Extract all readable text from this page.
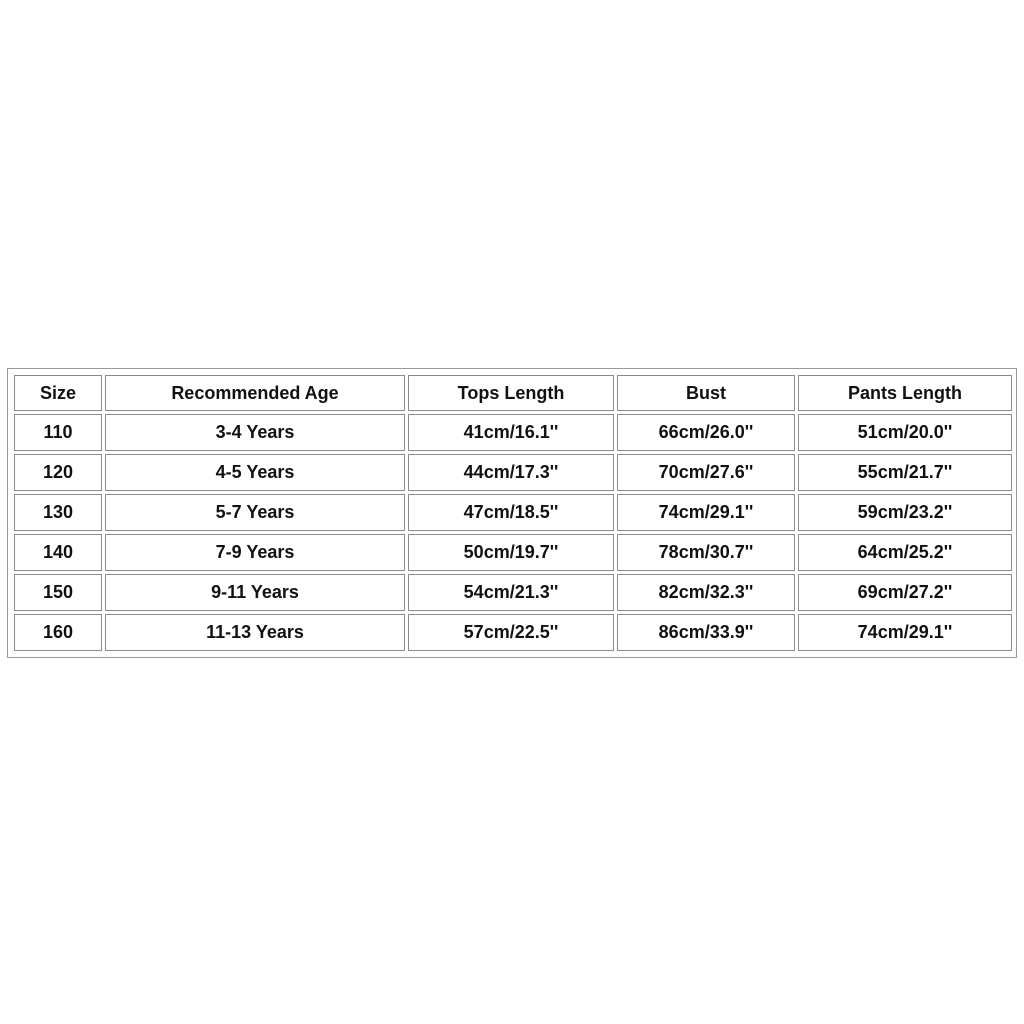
Size	Recommended Age	Tops Length	Bust	Pants Length
110	3-4 Years	41cm/16.1''	66cm/26.0''	51cm/20.0''
120	4-5 Years	44cm/17.3''	70cm/27.6''	55cm/21.7''
130	5-7 Years	47cm/18.5''	74cm/29.1''	59cm/23.2''
140	7-9 Years	50cm/19.7''	78cm/30.7''	64cm/25.2''
150	9-11 Years	54cm/21.3''	82cm/32.3''	69cm/27.2''
160	11-13 Years	57cm/22.5''	86cm/33.9''	74cm/29.1''
